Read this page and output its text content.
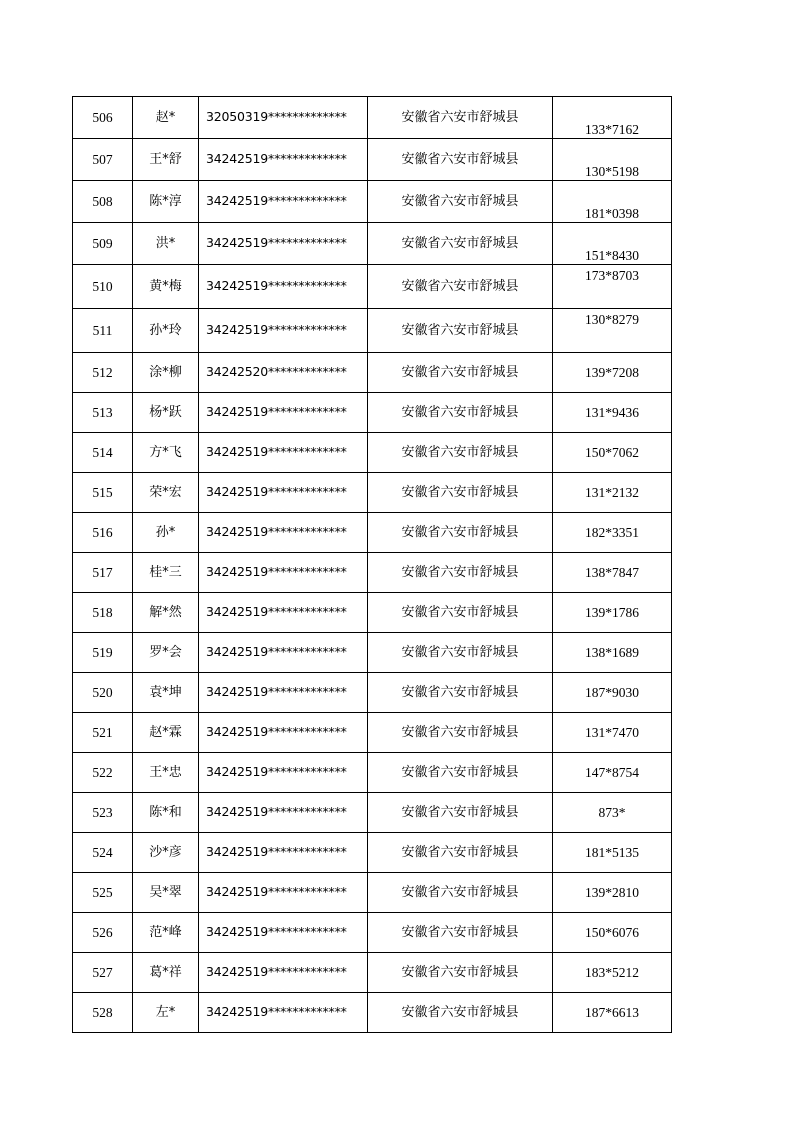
506	赵*	32050319*************	安徽省六安市舒城县	133*7162
507	王*舒	34242519*************	安徽省六安市舒城县	130*5198
508	陈*淳	34242519*************	安徽省六安市舒城县	181*0398
509	洪*	34242519*************	安徽省六安市舒城县	151*8430
510	黄*梅	34242519*************	安徽省六安市舒城县	173*8703
511	孙*玲	34242519*************	安徽省六安市舒城县	130*8279
512	涂*柳	34242520*************	安徽省六安市舒城县	139*7208
513	杨*跃	34242519*************	安徽省六安市舒城县	131*9436
514	方*飞	34242519*************	安徽省六安市舒城县	150*7062
515	荣*宏	34242519*************	安徽省六安市舒城县	131*2132
516	孙*	34242519*************	安徽省六安市舒城县	182*3351
517	桂*三	34242519*************	安徽省六安市舒城县	138*7847
518	解*然	34242519*************	安徽省六安市舒城县	139*1786
519	罗*会	34242519*************	安徽省六安市舒城县	138*1689
520	袁*坤	34242519*************	安徽省六安市舒城县	187*9030
521	赵*霖	34242519*************	安徽省六安市舒城县	131*7470
522	王*忠	34242519*************	安徽省六安市舒城县	147*8754
523	陈*和	34242519*************	安徽省六安市舒城县	873*
524	沙*彦	34242519*************	安徽省六安市舒城县	181*5135
525	吴*翠	34242519*************	安徽省六安市舒城县	139*2810
526	范*峰	34242519*************	安徽省六安市舒城县	150*6076
527	葛*祥	34242519*************	安徽省六安市舒城县	183*5212
528	左*	34242519*************	安徽省六安市舒城县	187*6613
